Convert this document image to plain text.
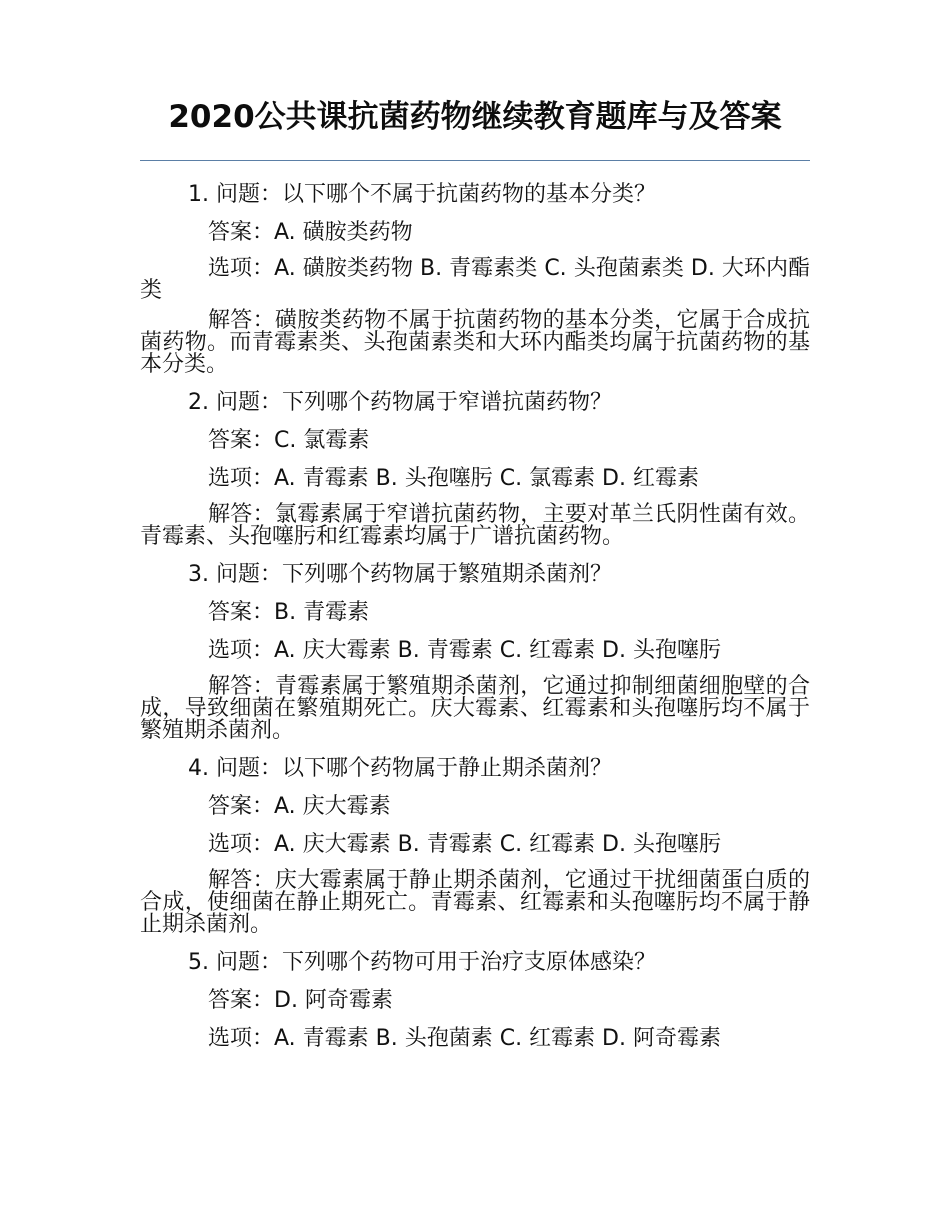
2020公共课抗菌药物继续教育题库与及答案
1. 问题：以下哪个不属于抗菌药物的基本分类？
答案：A. 磺胺类药物
选项：A. 磺胺类药物 B. 青霉素类 C. 头孢菌素类 D. 大环内酯类
解答：磺胺类药物不属于抗菌药物的基本分类，它属于合成抗菌药物。而青霉素类、头孢菌素类和大环内酯类均属于抗菌药物的基本分类。
2. 问题：下列哪个药物属于窄谱抗菌药物？
答案：C. 氯霉素
选项：A. 青霉素 B. 头孢噻肟 C. 氯霉素 D. 红霉素
解答：氯霉素属于窄谱抗菌药物，主要对革兰氏阴性菌有效。青霉素、头孢噻肟和红霉素均属于广谱抗菌药物。
3. 问题：下列哪个药物属于繁殖期杀菌剂？
答案：B. 青霉素
选项：A. 庆大霉素 B. 青霉素 C. 红霉素 D. 头孢噻肟
解答：青霉素属于繁殖期杀菌剂，它通过抑制细菌细胞壁的合成，导致细菌在繁殖期死亡。庆大霉素、红霉素和头孢噻肟均不属于繁殖期杀菌剂。
4. 问题：以下哪个药物属于静止期杀菌剂？
答案：A. 庆大霉素
选项：A. 庆大霉素 B. 青霉素 C. 红霉素 D. 头孢噻肟
解答：庆大霉素属于静止期杀菌剂，它通过干扰细菌蛋白质的合成，使细菌在静止期死亡。青霉素、红霉素和头孢噻肟均不属于静止期杀菌剂。
5. 问题：下列哪个药物可用于治疗支原体感染？
答案：D. 阿奇霉素
选项：A. 青霉素 B. 头孢菌素 C. 红霉素 D. 阿奇霉素
